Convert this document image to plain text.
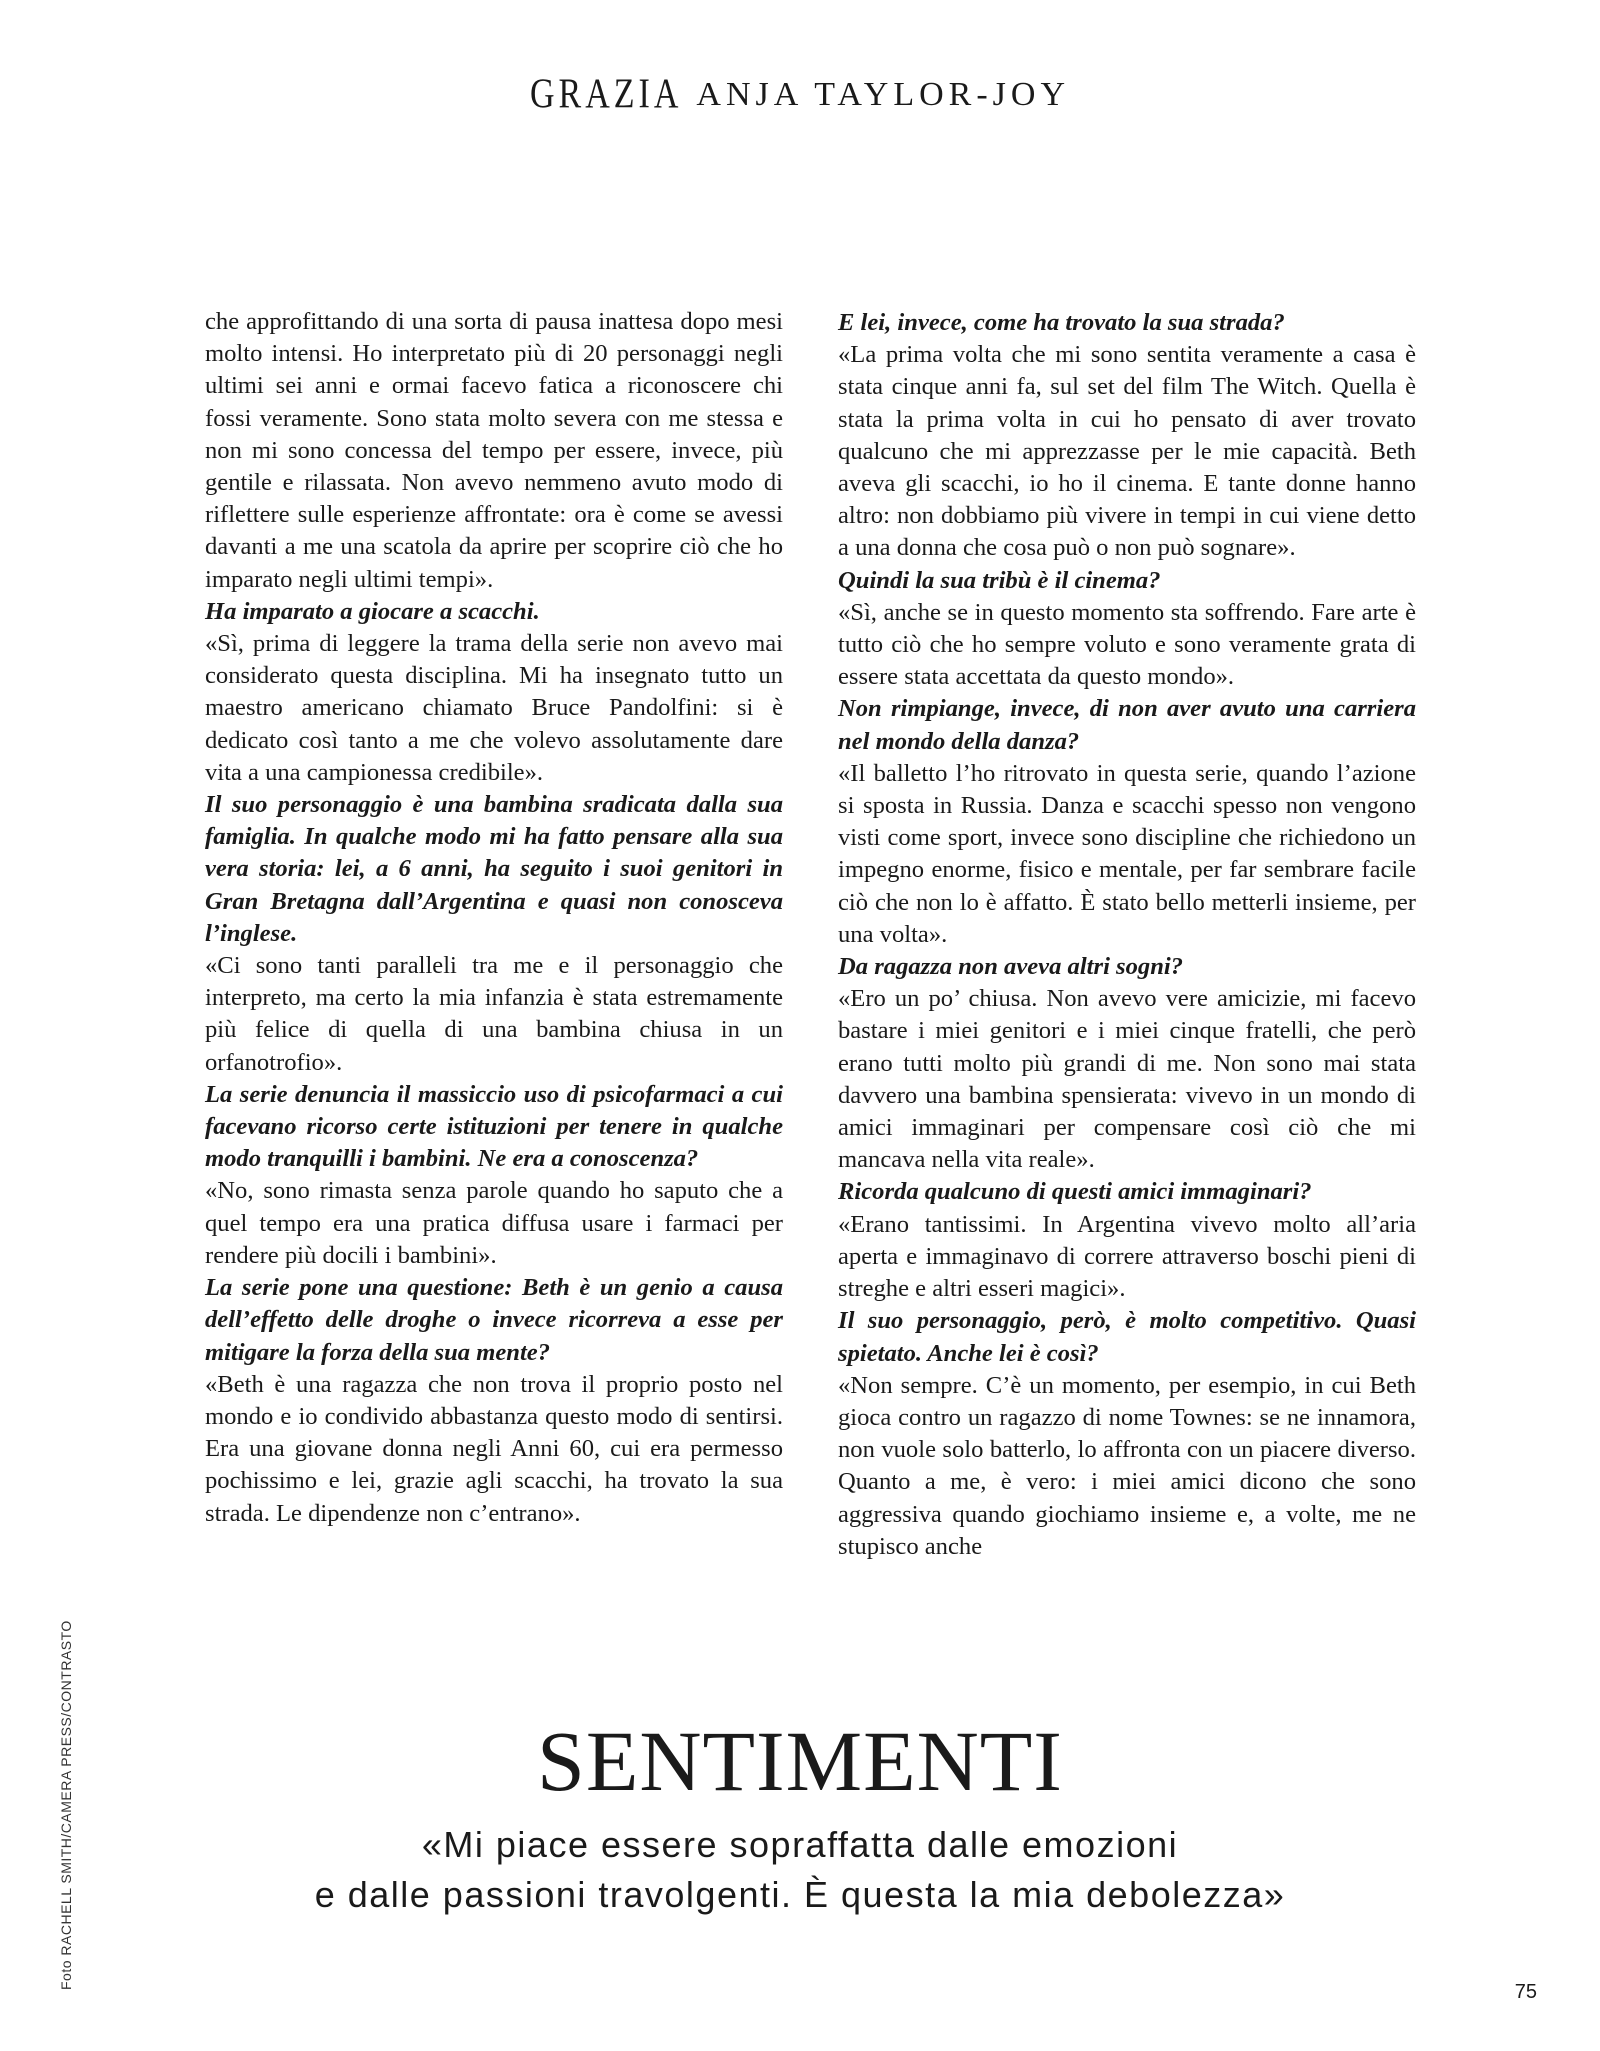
GRAZIA ANJA TAYLOR-JOY

che approfittando di una sorta di pausa inattesa dopo mesi molto intensi. Ho interpretato più di 20 personaggi negli ultimi sei anni e ormai facevo fatica a riconoscere chi fossi veramente. Sono stata molto severa con me stessa e non mi sono concessa del tempo per essere, invece, più gentile e rilassata. Non avevo nemmeno avuto modo di riflettere sulle esperienze affrontate: ora è come se avessi davanti a me una scatola da aprire per scoprire ciò che ho imparato negli ultimi tempi».

Ha imparato a giocare a scacchi.

«Sì, prima di leggere la trama della serie non avevo mai considerato questa disciplina. Mi ha insegnato tutto un maestro americano chiamato Bruce Pandolfini: si è dedicato così tanto a me che volevo assolutamente dare vita a una campionessa credibile».

Il suo personaggio è una bambina sradicata dalla sua famiglia. In qualche modo mi ha fatto pensare alla sua vera storia: lei, a 6 anni, ha seguito i suoi genitori in Gran Bretagna dall’Argentina e quasi non conosceva l’inglese.

«Ci sono tanti paralleli tra me e il personaggio che interpreto, ma certo la mia infanzia è stata estremamente più felice di quella di una bambina chiusa in un orfanotrofio».

La serie denuncia il massiccio uso di psicofarmaci a cui facevano ricorso certe istituzioni per tenere in qualche modo tranquilli i bambini. Ne era a conoscenza?

«No, sono rimasta senza parole quando ho saputo che a quel tempo era una pratica diffusa usare i farmaci per rendere più docili i bambini».

La serie pone una questione: Beth è un genio a causa dell’effetto delle droghe o invece ricorreva a esse per mitigare la forza della sua mente?

«Beth è una ragazza che non trova il proprio posto nel mondo e io condivido abbastanza questo modo di sentirsi. Era una giovane donna negli Anni 60, cui era permesso pochissimo e lei, grazie agli scacchi, ha trovato la sua strada. Le dipendenze non c’entrano».

E lei, invece, come ha trovato la sua strada?

«La prima volta che mi sono sentita veramente a casa è stata cinque anni fa, sul set del film The Witch. Quella è stata la prima volta in cui ho pensato di aver trovato qualcuno che mi apprezzasse per le mie capacità. Beth aveva gli scacchi, io ho il cinema. E tante donne hanno altro: non dobbiamo più vivere in tempi in cui viene detto a una donna che cosa può o non può sognare».

Quindi la sua tribù è il cinema?

«Sì, anche se in questo momento sta soffrendo. Fare arte è tutto ciò che ho sempre voluto e sono veramente grata di essere stata accettata da questo mondo».

Non rimpiange, invece, di non aver avuto una carriera nel mondo della danza?

«Il balletto l’ho ritrovato in questa serie, quando l’azione si sposta in Russia. Danza e scacchi spesso non vengono visti come sport, invece sono discipline che richiedono un impegno enorme, fisico e mentale, per far sembrare facile ciò che non lo è affatto. È stato bello metterli insieme, per una volta».

Da ragazza non aveva altri sogni?

«Ero un po’ chiusa. Non avevo vere amicizie, mi facevo bastare i miei genitori e i miei cinque fratelli, che però erano tutti molto più grandi di me. Non sono mai stata davvero una bambina spensierata: vivevo in un mondo di amici immaginari per compensare così ciò che mi mancava nella vita reale».

Ricorda qualcuno di questi amici immaginari?

«Erano tantissimi. In Argentina vivevo molto all’aria aperta e immaginavo di correre attraverso boschi pieni di streghe e altri esseri magici».

Il suo personaggio, però, è molto competitivo. Quasi spietato. Anche lei è così?

«Non sempre. C’è un momento, per esempio, in cui Beth gioca contro un ragazzo di nome Townes: se ne innamora, non vuole solo batterlo, lo affronta con un piacere diverso. Quanto a me, è vero: i miei amici dicono che sono aggressiva quando giochiamo insieme e, a volte, me ne stupisco anche

SENTIMENTI
«Mi piace essere sopraffatta dalle emozioni
e dalle passioni travolgenti. È questa la mia debolezza»
Foto RACHELL SMITH/CAMERA PRESS/CONTRASTO
75
